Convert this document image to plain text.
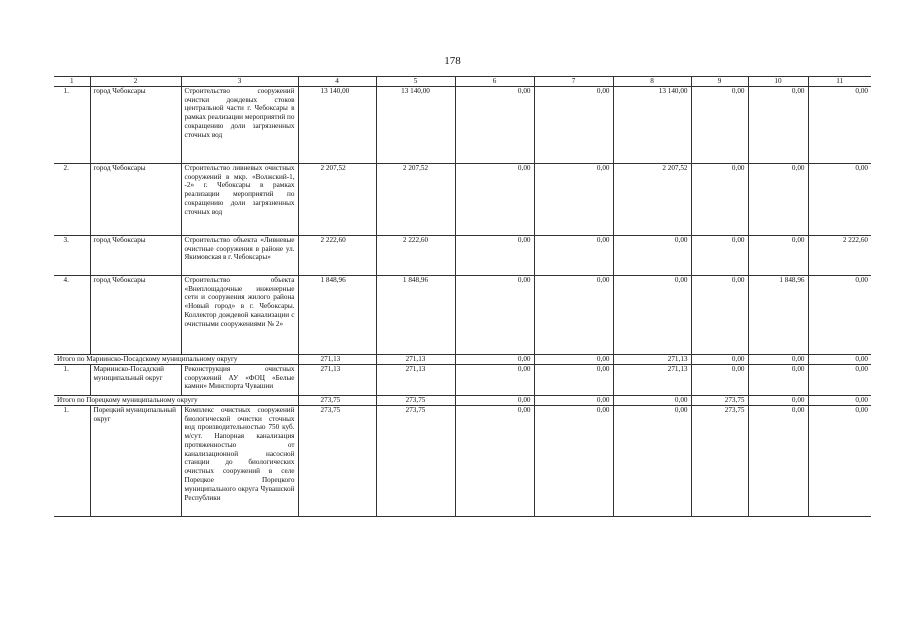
178
1	2	3	4	5	6	7	8	9	10	11
1.	город Чебоксары	Строительство сооружений очистки дождевых стоков центральной части г. Чебоксары в рамках реализации мероприятий по сокращению доли загрязненных сточных вод	13 140,00	13 140,00	0,00	0,00	13 140,00	0,00	0,00	0,00
2.	город Чебоксары	Строительство ливневых очистных сооружений в мкр. «Волжский-1, -2» г. Чебоксары в рамках реализации мероприятий по сокращению доли загрязненных сточных вод	2 207,52	2 207,52	0,00	0,00	2 207,52	0,00	0,00	0,00
3.	город Чебоксары	Строительство объекта «Ливневые очистные сооружения в районе ул. Якимовская в г. Чебоксары»	2 222,60	2 222,60	0,00	0,00	0,00	0,00	0,00	2 222,60
4.	город Чебоксары	Строительство объекта «Внеплощадочные инженерные сети и сооружения жилого района «Новый город» в г. Чебоксары. Коллектор дождевой канализации с очистными сооружениями № 2»	1 848,96	1 848,96	0,00	0,00	0,00	0,00	1 848,96	0,00
Итого по Мариинско-Посадскому муниципальному округу			271,13	271,13	0,00	0,00	271,13	0,00	0,00	0,00
1.	Мариинско-Посадский муниципальный округ	Реконструкция очистных сооружений АУ «ФОЦ «Белые камни» Минспорта Чувашии	271,13	271,13	0,00	0,00	271,13	0,00	0,00	0,00
Итого по Порецкому муниципальному округу			273,75	273,75	0,00	0,00	0,00	273,75	0,00	0,00
1.	Порецкий муниципальный округ	Комплекс очистных сооружений биологической очистки сточных вод производительностью 750 куб. м/сут. Напорная канализация протяженностью от канализационной насосной станции до биологических очистных сооружений в селе Порецкое Порецкого муниципального округа Чувашской Республики	273,75	273,75	0,00	0,00	0,00	273,75	0,00	0,00
